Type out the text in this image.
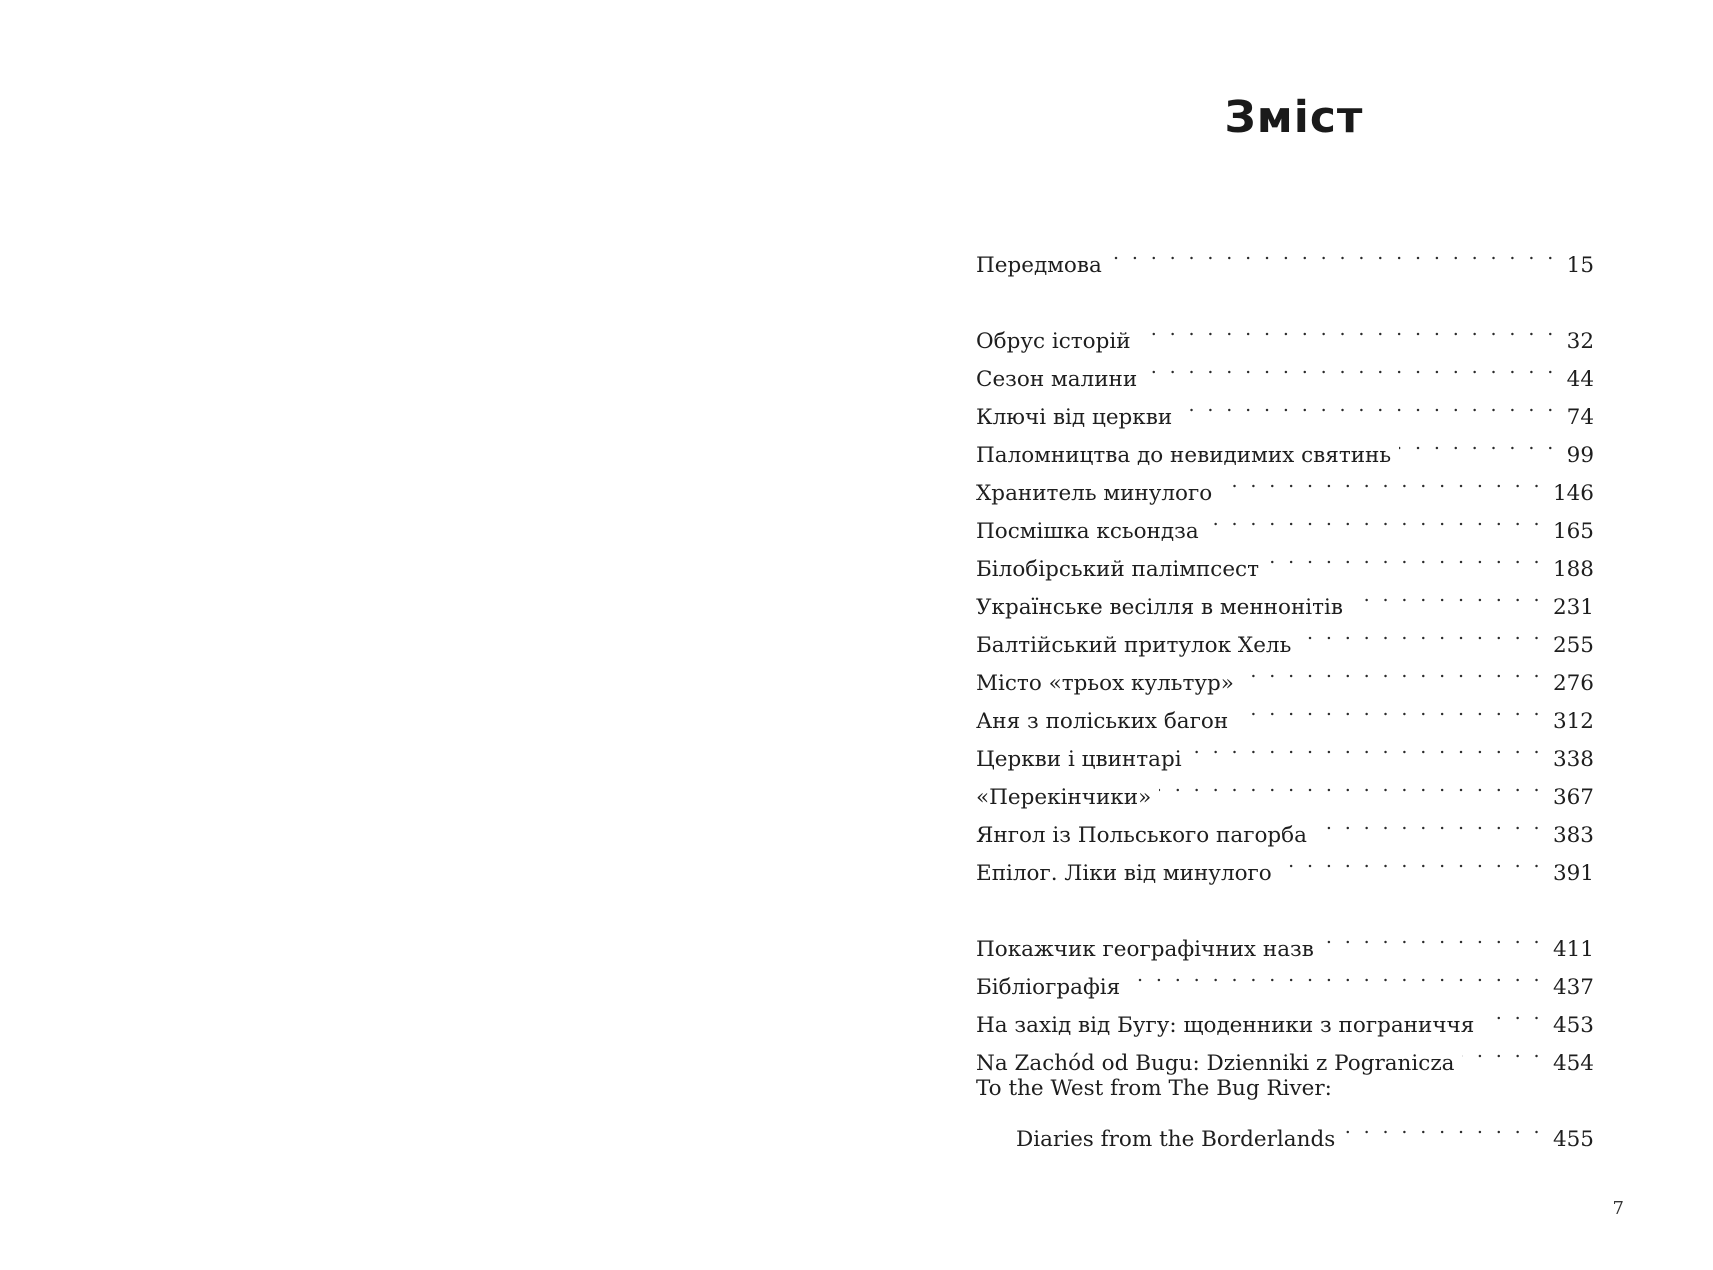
Зміст
Передмова . . .	15
Обрус історій . . .	32
Сезон малини . . .	44
Ключі від церкви . . .	74
Паломництва до невидимих святинь . . .	99
Хранитель минулого . . .	146
Посмішка ксьондза . . .	165
Білобірський палімпсест . . .	188
Українське весілля в меннонітів . . .	231
Балтійський притулок Хель . . .	255
Місто «трьох культур» . . .	276
Аня з поліських багон . . .	312
Церкви і цвинтарі . . .	338
«Перекінчики» . . .	367
Янгол із Польського пагорба . . .	383
Епілог. Ліки від минулого . . .	391
Покажчик географічних назв . . .	411
Бібліографія . . .	437
На захід від Бугу: щоденники з пограниччя . . .	453
Na Zachód od Bugu: Dzienniki z Pogranicza . . .	454
To the West from The Bug River:
Diaries from the Borderlands . . .	455
7
